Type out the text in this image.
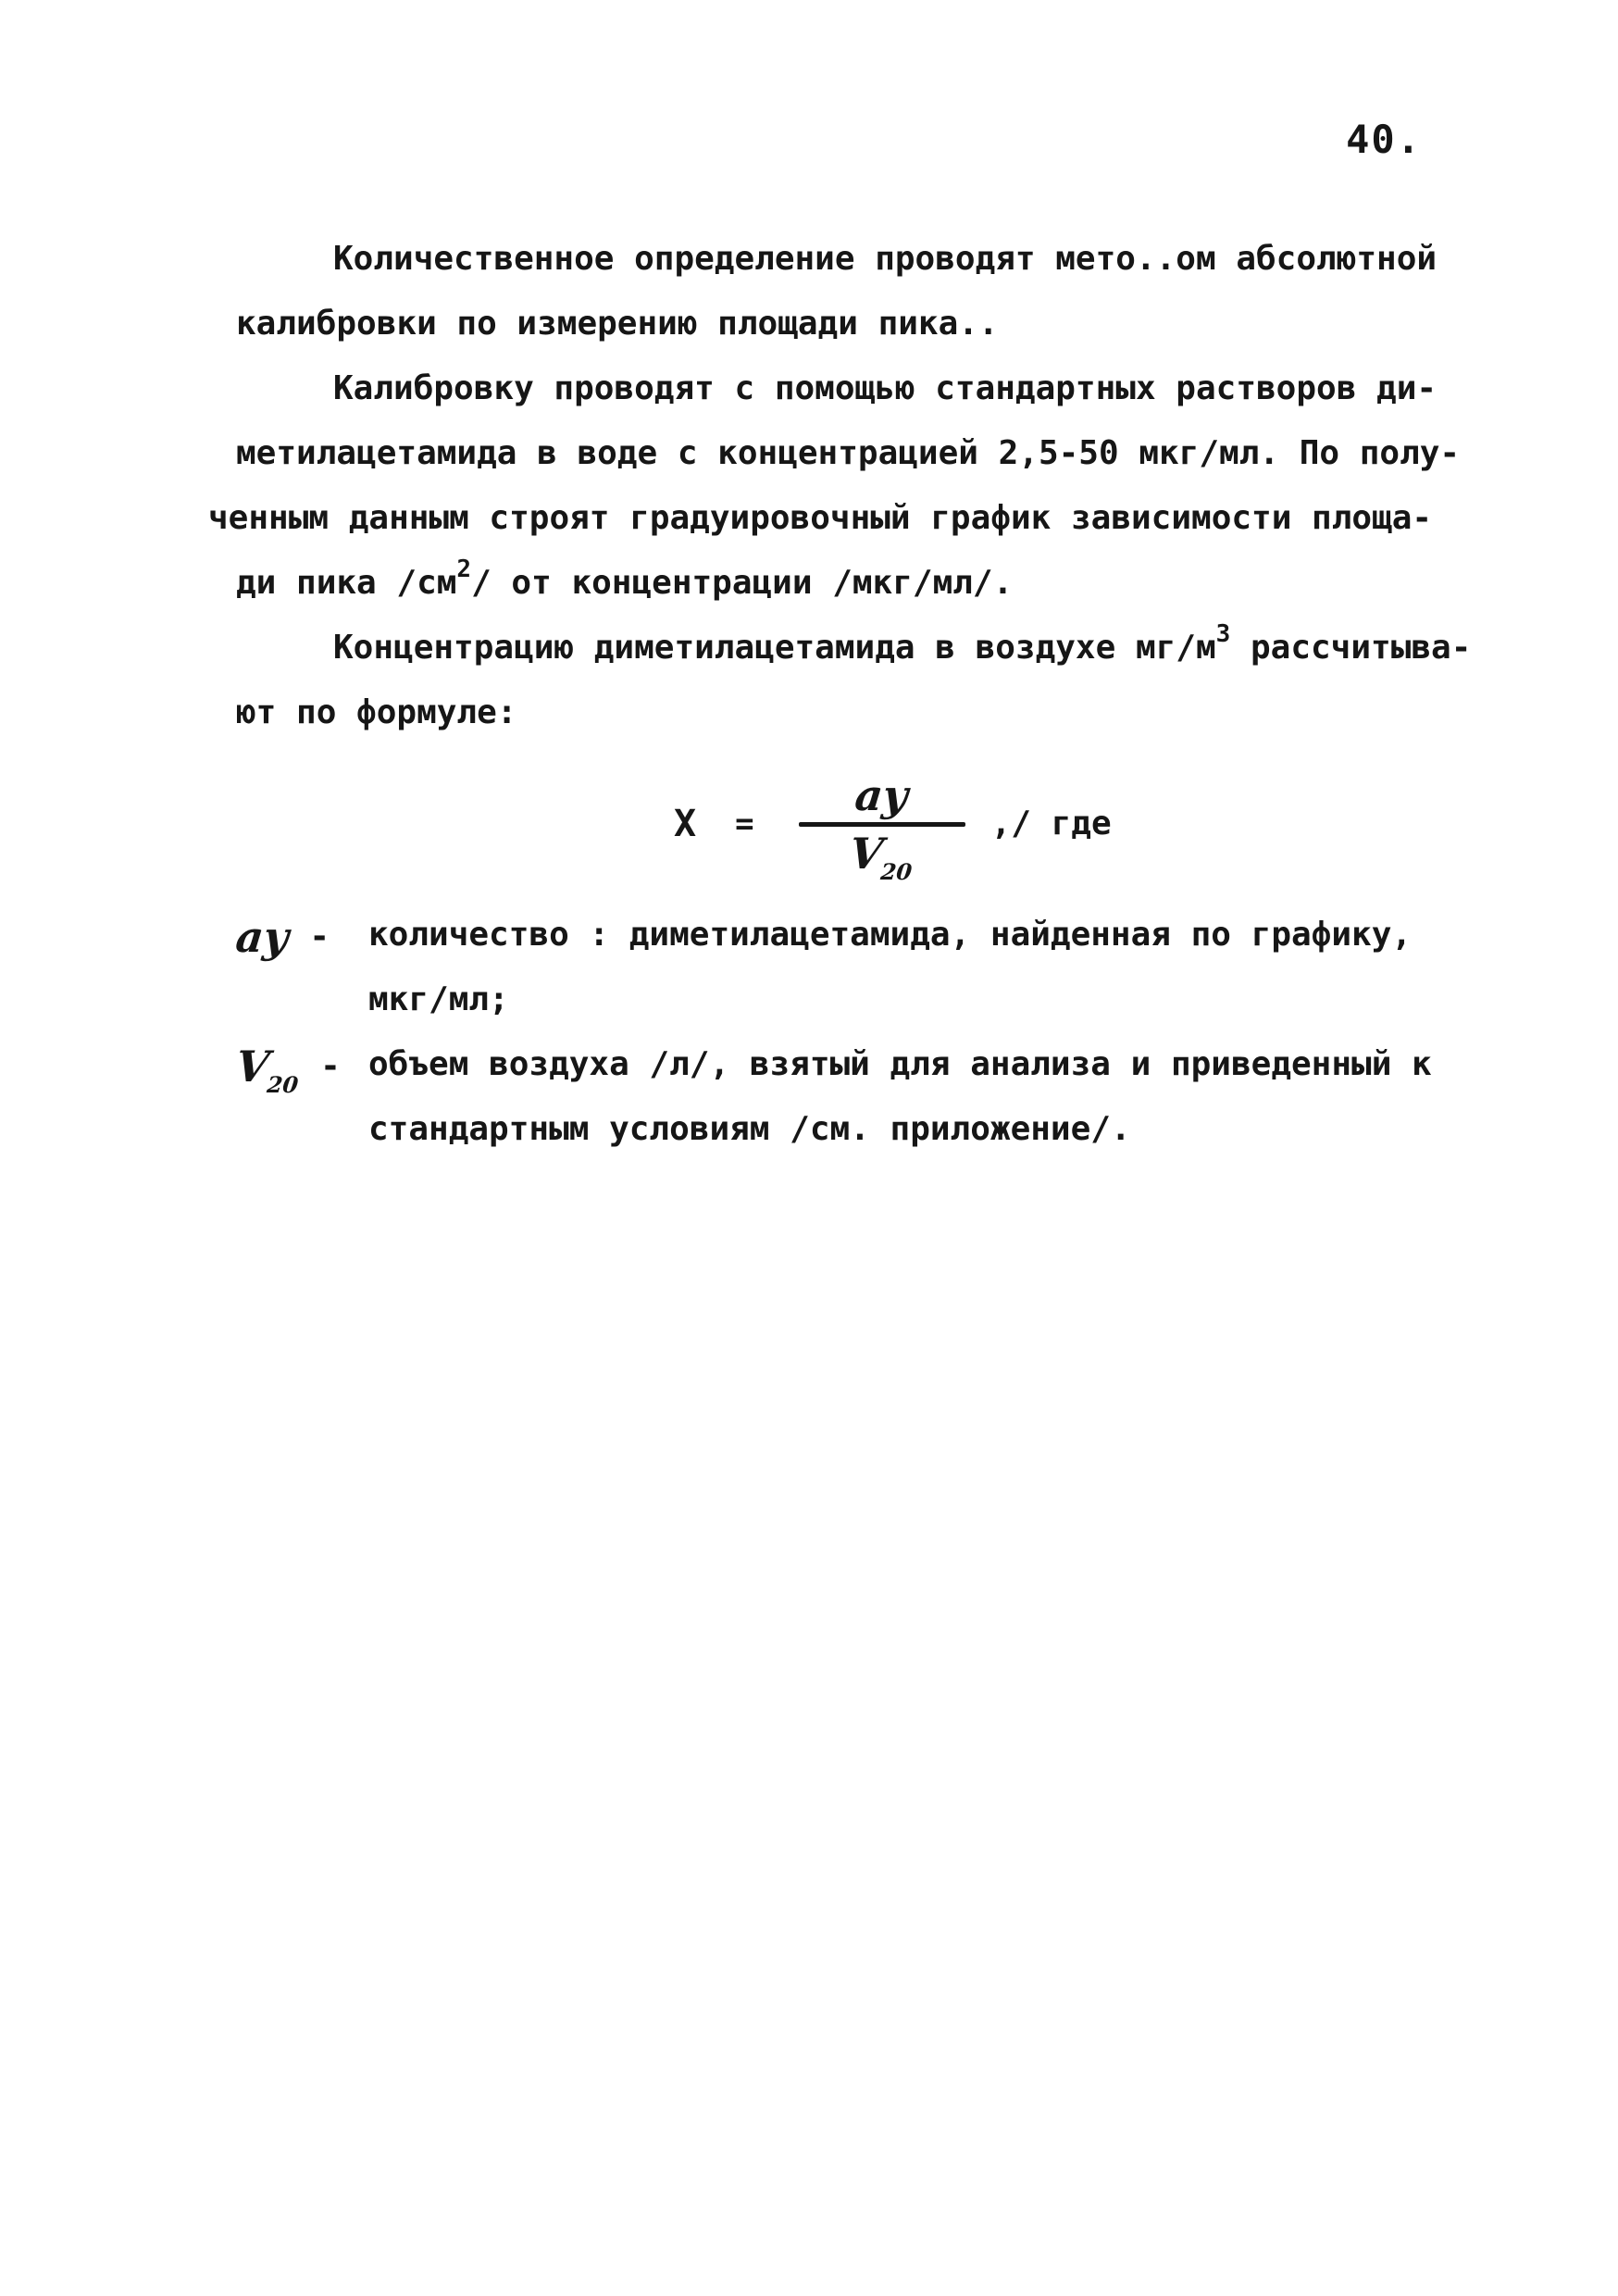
40.
Количественное определение проводят мето..ом абсолютной
калибровки по измерению площади пика..
Калибровку проводят с помощью стандартных растворов ди-
метилацетамида в воде с концентрацией 2,5-50 мкг/мл. По полу-
ченным данным строят градуировочный график зависимости площа-
ди пика $/см^2/$ от концентрации /мкг/мл/.
Концентрацию диметилацетамида в воздухе $мг/м^3$ рассчитыва-
ют по формуле:
X =
ау
$V_{20}$
,/ где
ау - количество : диметилацетамида, найденная по графику,
мкг/мл;
$V_{20}$ - объем воздуха /л/, взятый для анализа и приведенный к
стандартным условиям /см. приложение/.
